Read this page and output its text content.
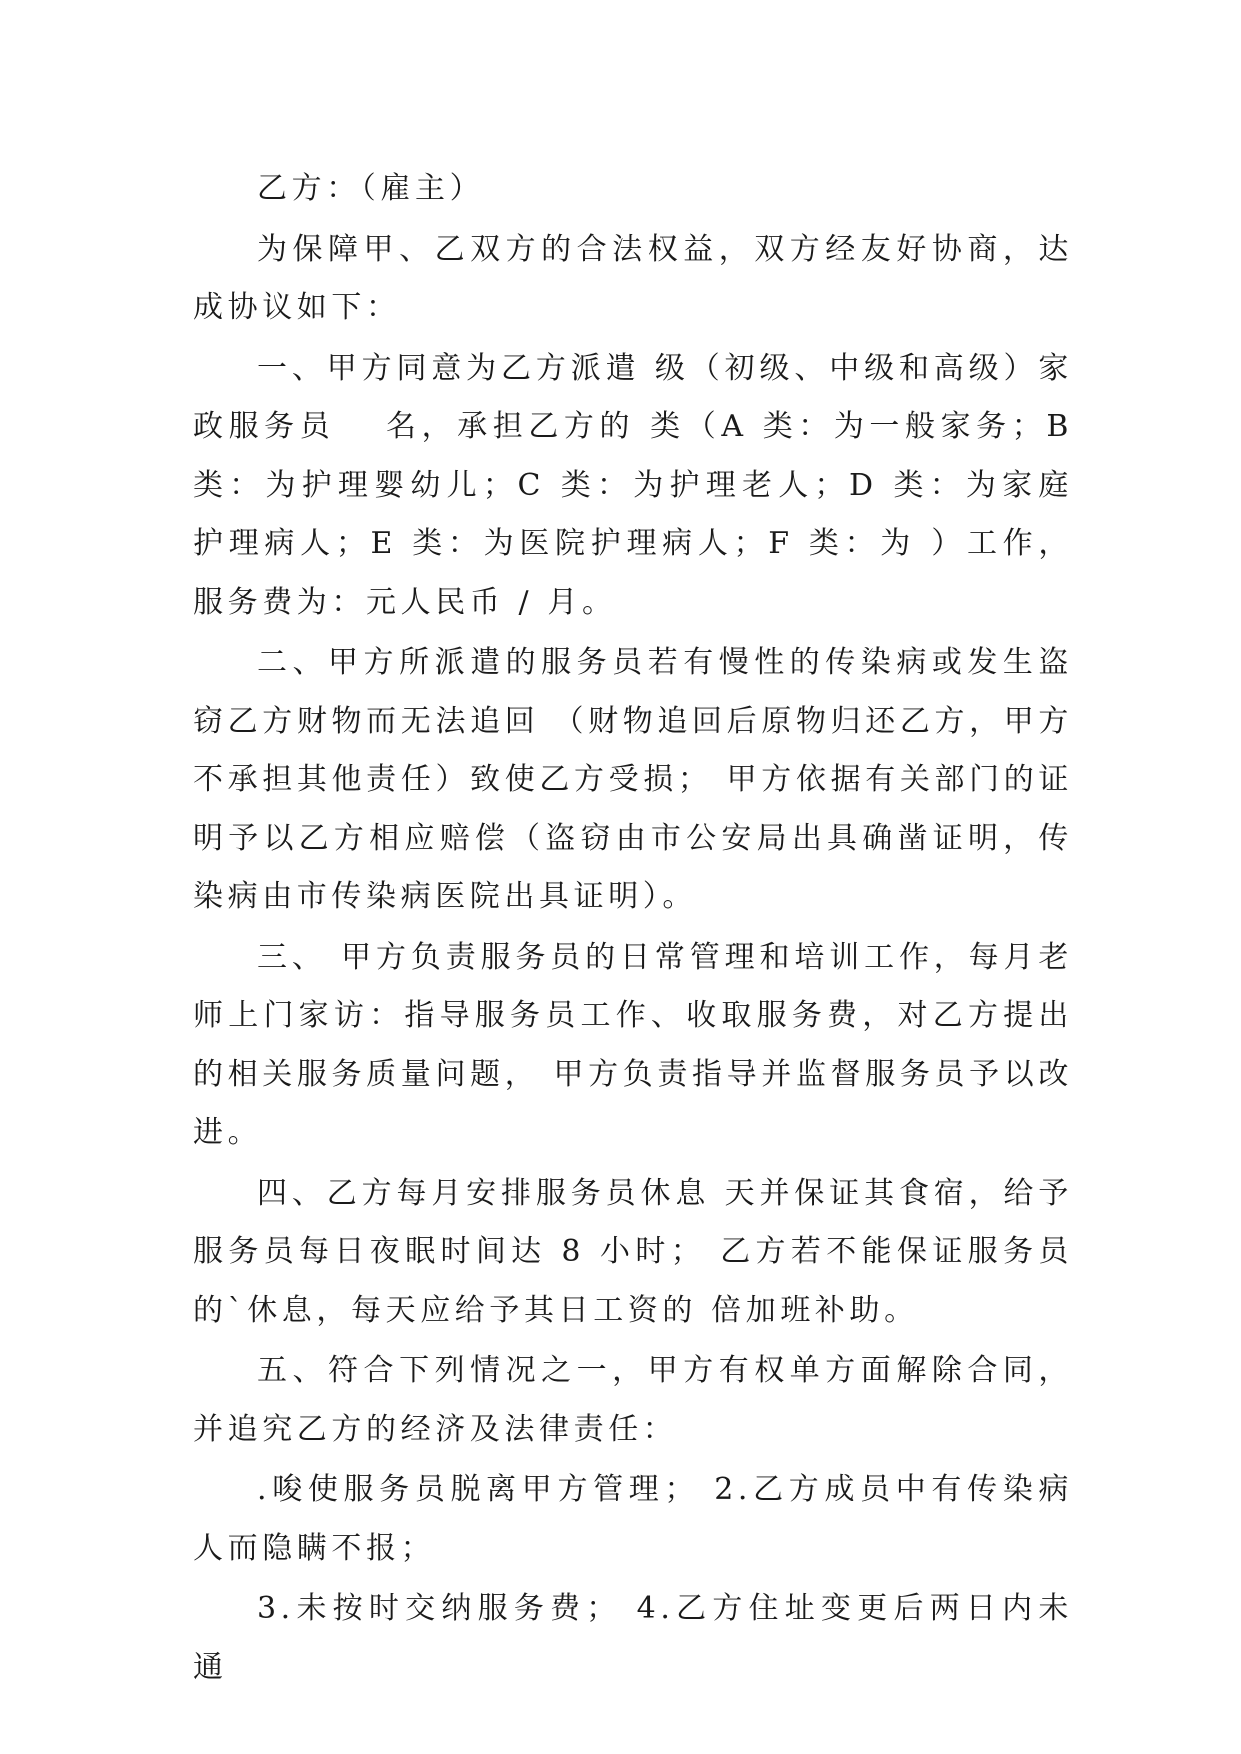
乙方：（雇主）

为保障甲、乙双方的合法权益，双方经友好协商，达成协议如下：

一、甲方同意为乙方派遣 级（初级、中级和高级）家政服务员　 名，承担乙方的 类（A 类：为一般家务；B 类：为护理婴幼儿；C 类：为护理老人；D 类：为家庭护理病人；E 类：为医院护理病人；F 类：为 ）工作，服务费为：元人民币 / 月。

二、甲方所派遣的服务员若有慢性的传染病或发生盗窃乙方财物而无法追回 （财物追回后原物归还乙方，甲方不承担其他责任）致使乙方受损； 甲方依据有关部门的证明予以乙方相应赔偿（盗窃由市公安局出具确凿证明，传染病由市传染病医院出具证明）。

三、 甲方负责服务员的日常管理和培训工作，每月老师上门家访：指导服务员工作、收取服务费，对乙方提出的相关服务质量问题， 甲方负责指导并监督服务员予以改进。

四、乙方每月安排服务员休息 天并保证其食宿，给予服务员每日夜眠时间达 8 小时； 乙方若不能保证服务员的`休息，每天应给予其日工资的 倍加班补助。

五、符合下列情况之一，甲方有权单方面解除合同，并追究乙方的经济及法律责任：

.唆使服务员脱离甲方管理； 2.乙方成员中有传染病人而隐瞒不报；

3.未按时交纳服务费； 4.乙方住址变更后两日内未通
